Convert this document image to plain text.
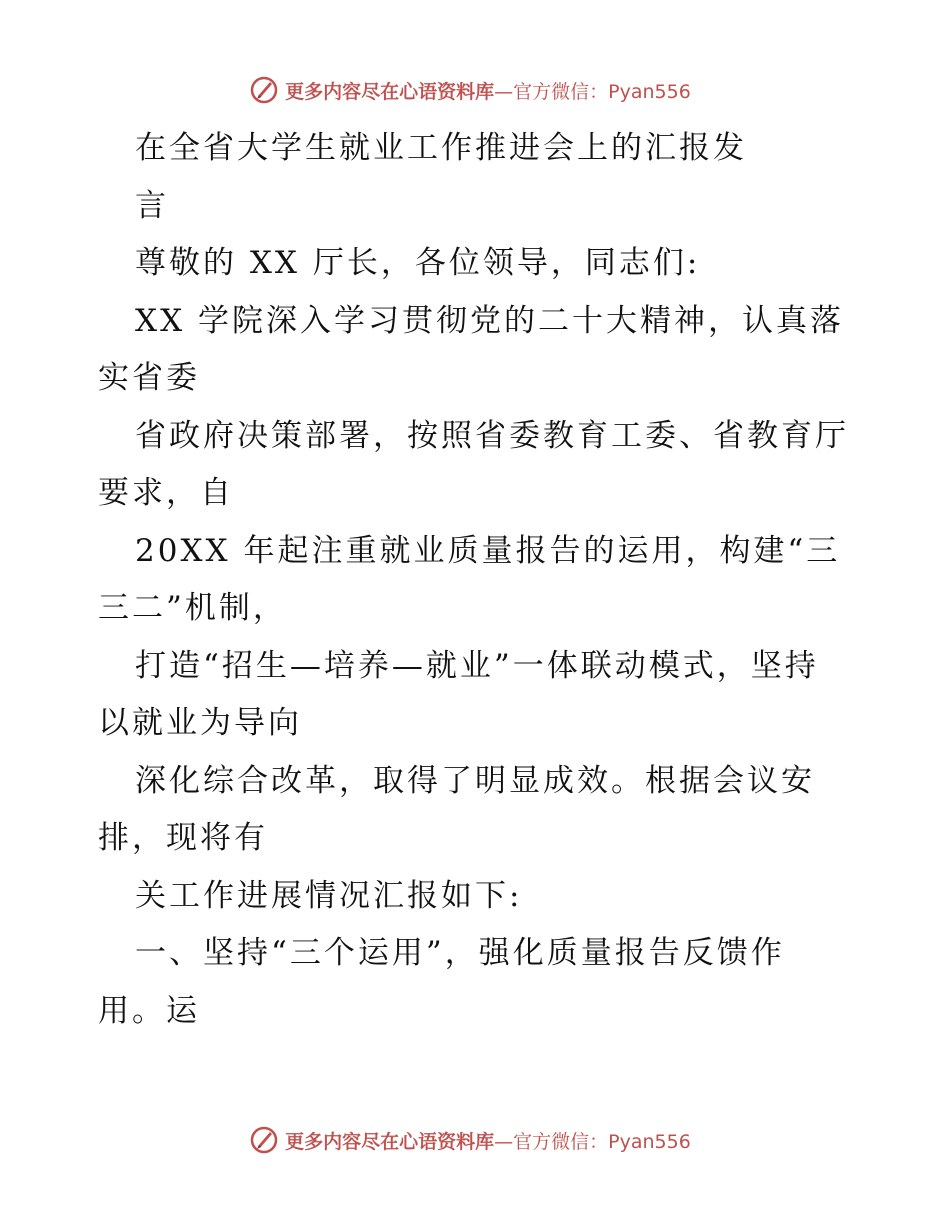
更多内容尽在心语资料库—官方微信：Pyan556
在全省大学生就业工作推进会上的汇报发
言
尊敬的 XX 厅长，各位领导，同志们:
XX 学院深入学习贯彻党的二十大精神，认真落
实省委
省政府决策部署，按照省委教育工委、省教育厅
要求，自
20XX 年起注重就业质量报告的运用，构建“三
三二”机制，
打造“招生—培养—就业”一体联动模式，坚持
以就业为导向
深化综合改革，取得了明显成效。根据会议安
排，现将有
关工作进展情况汇报如下:
一、坚持“三个运用”，强化质量报告反馈作
用。运
更多内容尽在心语资料库—官方微信：Pyan556
